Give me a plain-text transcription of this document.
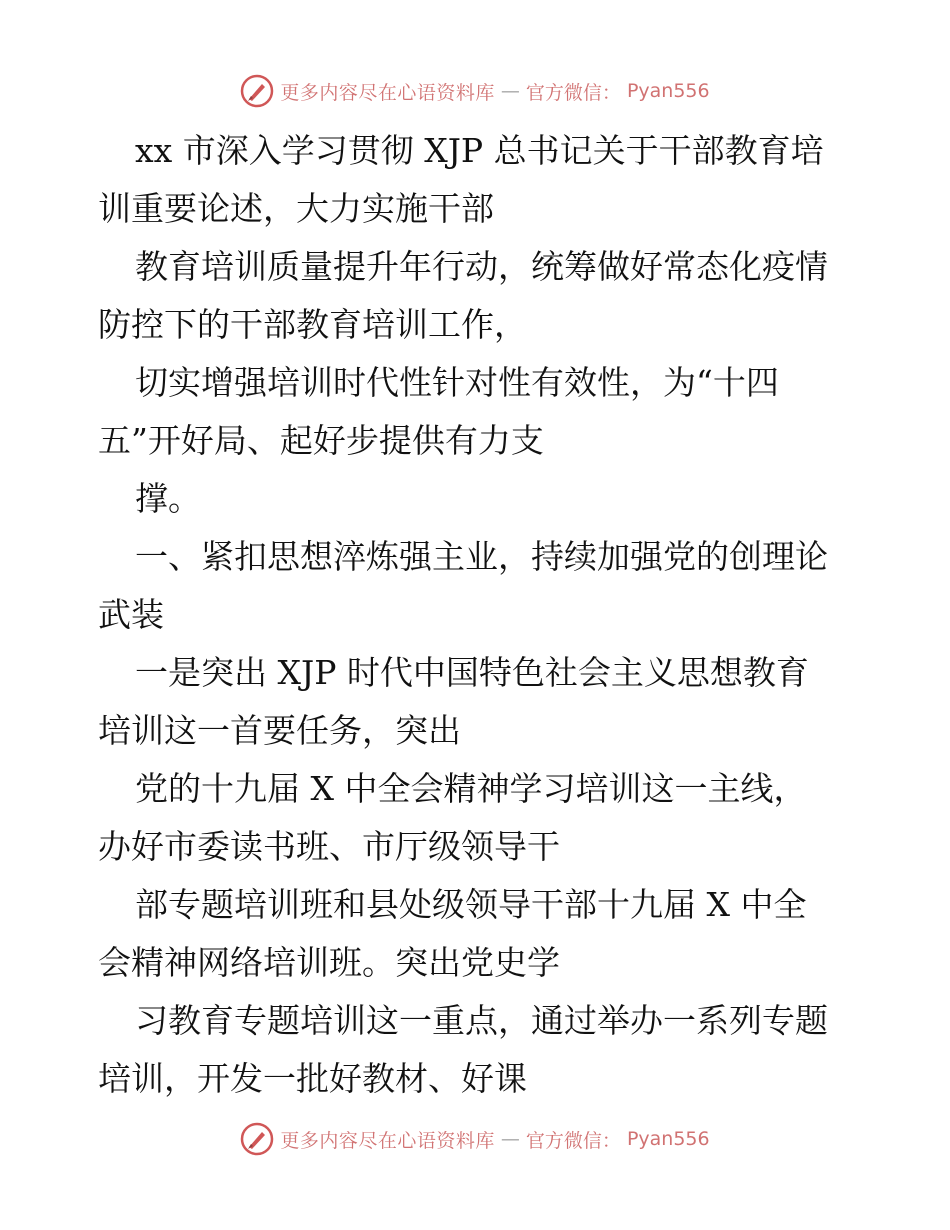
更多内容尽在心语资料库 — 官方微信： Pyan556
xx 市深入学习贯彻 XJP 总书记关于干部教育培
训重要论述，大力实施干部
教育培训质量提升年行动，统筹做好常态化疫情
防控下的干部教育培训工作，
切实增强培训时代性针对性有效性，为“十四
五”开好局、起好步提供有力支
撑。
一、紧扣思想淬炼强主业，持续加强党的创理论
武装
一是突出 XJP 时代中国特色社会主义思想教育
培训这一首要任务，突出
党的十九届 X 中全会精神学习培训这一主线，
办好市委读书班、市厅级领导干
部专题培训班和县处级领导干部十九届 X 中全
会精神网络培训班。突出党史学
习教育专题培训这一重点，通过举办一系列专题
培训，开发一批好教材、好课
更多内容尽在心语资料库 — 官方微信： Pyan556
